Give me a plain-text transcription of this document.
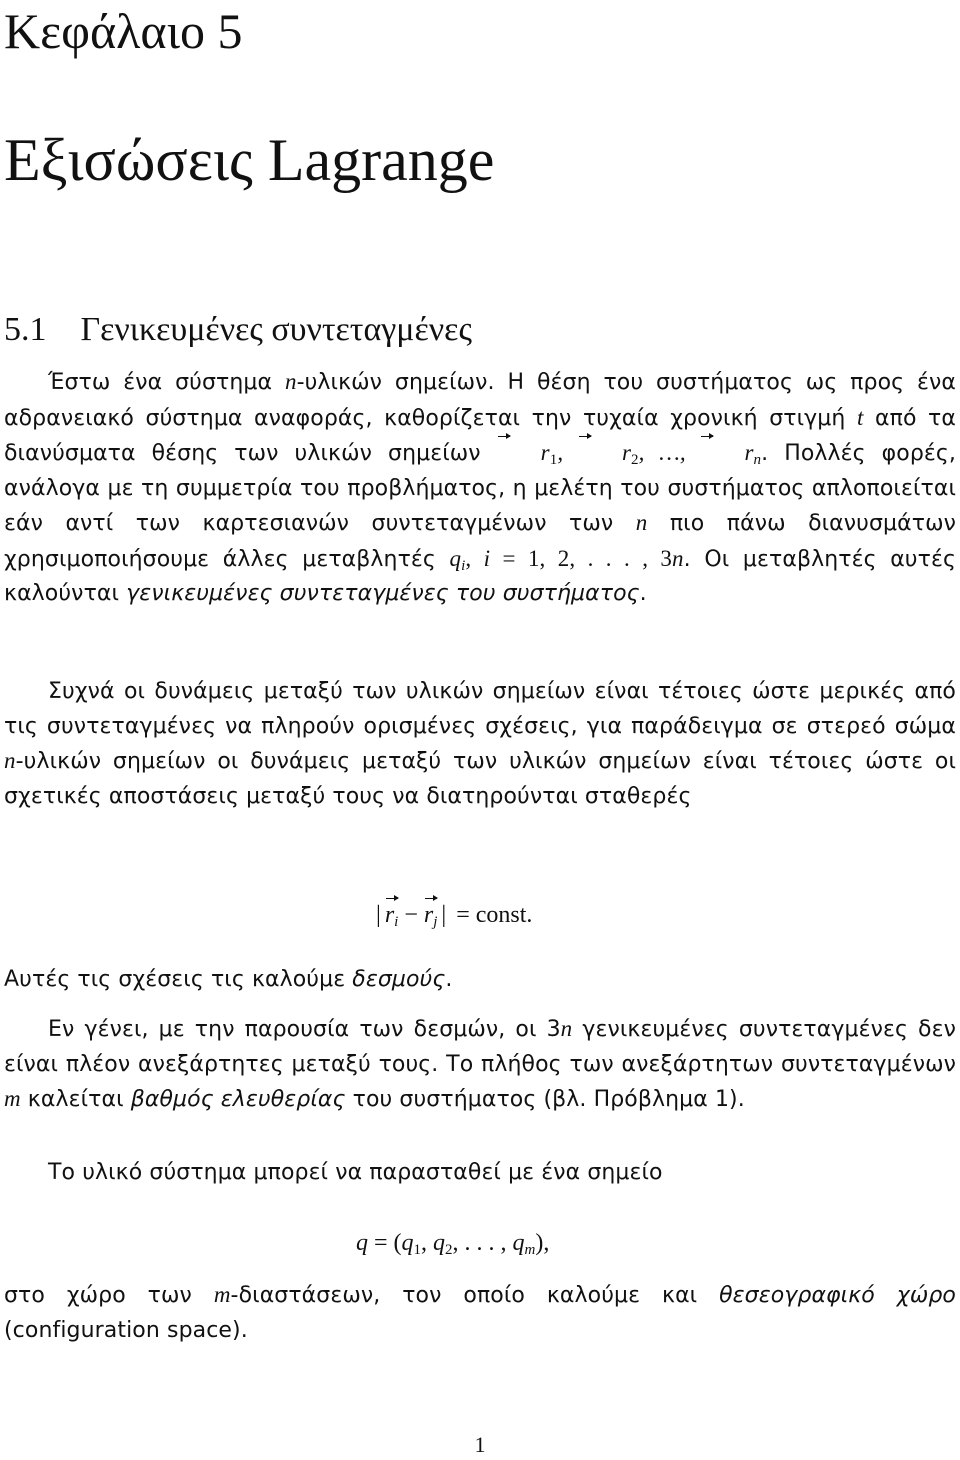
Κεφάλαιο 5
Εξισώσεις Lagrange
5.1 Γενικευμένες συντεταγμένες

Έστω ένα σύστημα n-υλικών σημείων. Η θέση του συστήματος ως προς ένα αδρανειακό σύστημα αναφοράς, καθορίζεται την τυχαία χρονική στιγμή t από τα διανύσματα θέσης των υλικών σημείων $r_1$, $r_2$, …, $r_n$. Πολλές φορές, ανάλογα με τη συμμετρία του προβλήματος, η μελέτη του συστήματος απλοποιείται εάν αντί των καρτεσιανών συντεταγμένων των n πιο πάνω διανυσμάτων χρησιμοποιήσουμε άλλες μεταβλητές $q_i$, i = 1, 2, . . . , 3n. Οι μεταβλητές αυτές καλούνται γενικευμένες συντεταγμένες του συστήματος.

Συχνά οι δυνάμεις μεταξύ των υλικών σημείων είναι τέτοιες ώστε μερικές από τις συντεταγμένες να πληρούν ορισμένες σχέσεις, για παράδειγμα σε στερεό σώμα n-υλικών σημείων οι δυνάμεις μεταξύ των υλικών σημείων είναι τέτοιες ώστε οι σχετικές αποστάσεις μεταξύ τους να διατηρούνται σταθερές

| $r_i - r_j$ | = const.

Αυτές τις σχέσεις τις καλούμε δεσμούς.

Εν γένει, με την παρουσία των δεσμών, οι 3n γενικευμένες συντεταγμένες δεν είναι πλέον ανεξάρτητες μεταξύ τους. Το πλήθος των ανεξάρτητων συντεταγμένων m καλείται βαθμός ελευθερίας του συστήματος (βλ. Πρόβλημα 1).

Το υλικό σύστημα μπορεί να παρασταθεί με ένα σημείο

$q = (q_1$, $q_2$, . . . , $q_m$),

στο χώρο των m-διαστάσεων, τον οποίο καλούμε και θεσεογραφικό χώρο (configuration space).

1
